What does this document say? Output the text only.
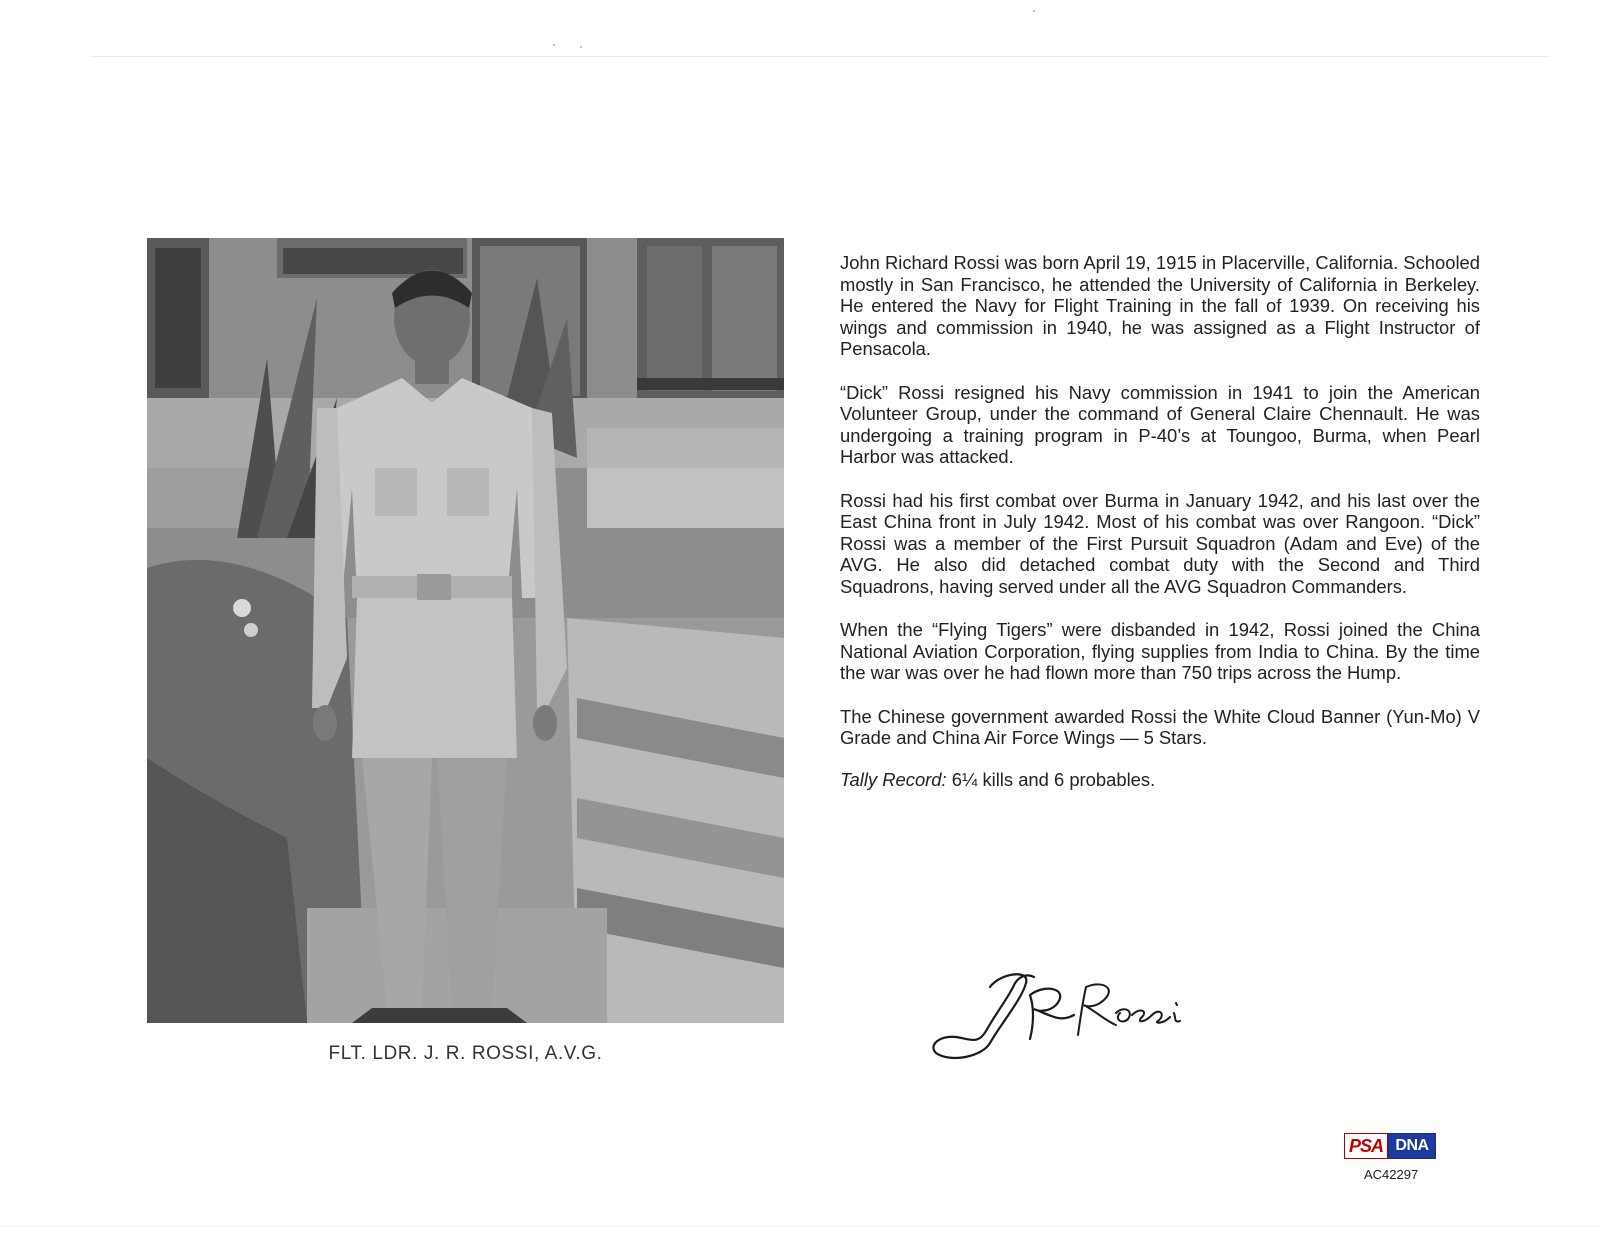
FLT. LDR. J. R. ROSSI, A.V.G.

John Richard Rossi was born April 19, 1915 in Placerville, California. Schooled mostly in San Francisco, he attended the University of California in Berkeley. He entered the Navy for Flight Training in the fall of 1939. On receiving his wings and commission in 1940, he was assigned as a Flight Instructor of Pensacola.

“Dick” Rossi resigned his Navy commission in 1941 to join the American Volunteer Group, under the command of General Claire Chennault. He was undergoing a training program in P-40’s at Toungoo, Burma, when Pearl Harbor was attacked.

Rossi had his first combat over Burma in January 1942, and his last over the East China front in July 1942. Most of his combat was over Rangoon. “Dick” Rossi was a member of the First Pursuit Squadron (Adam and Eve) of the AVG. He also did detached combat duty with the Second and Third Squadrons, having served under all the AVG Squadron Commanders.

When the “Flying Tigers” were disbanded in 1942, Rossi joined the China National Aviation Corporation, flying supplies from India to China. By the time the war was over he had flown more than 750 trips across the Hump.

The Chinese government awarded Rossi the White Cloud Banner (Yun-Mo) V Grade and China Air Force Wings — 5 Stars.

Tally Record: 6¼ kills and 6 probables.

PSA DNA
AC42297
